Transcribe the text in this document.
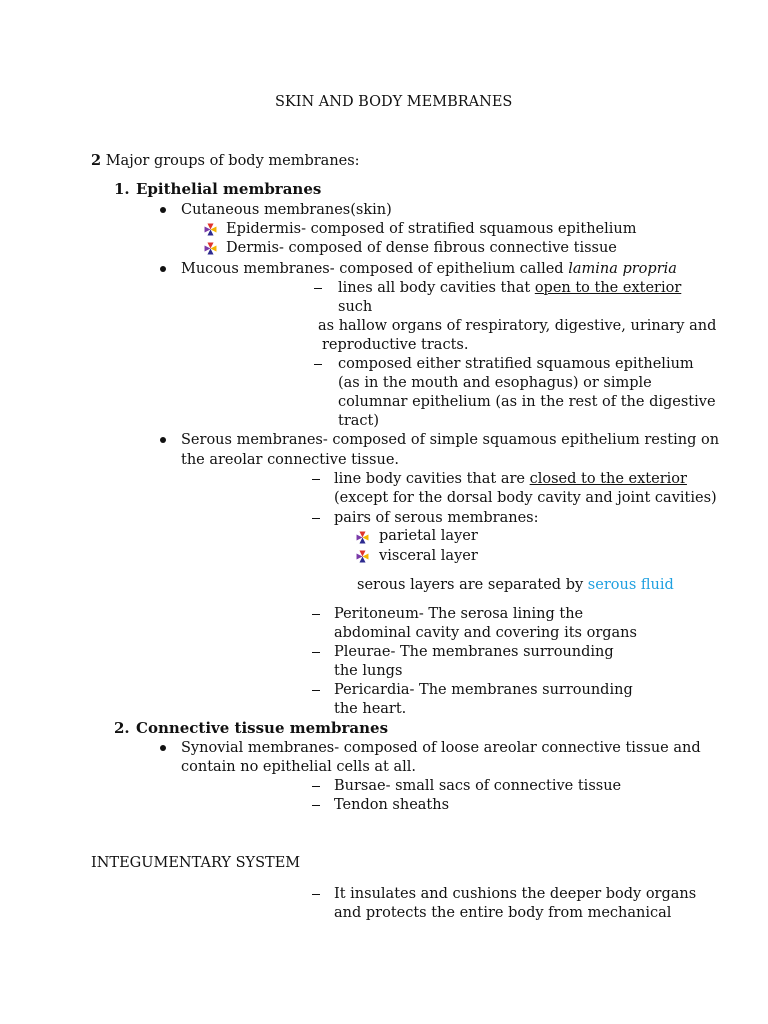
SKIN AND BODY MEMBRANES
2 Major groups of body membranes:
1. Epithelial membranes
Cutaneous membranes(skin)
Epidermis- composed of stratified squamous epithelium
Dermis- composed of dense fibrous connective tissue
Mucous membranes- composed of epithelium called lamina propria
lines all body cavities that open to the exterior
such
as hallow organs of respiratory, digestive, urinary and
reproductive tracts.
composed either stratified squamous epithelium
(as in the mouth and esophagus) or simple
columnar epithelium (as in the rest of the digestive
tract)
Serous membranes- composed of simple squamous epithelium resting on
the areolar connective tissue.
line body cavities that are closed to the exterior
(except for the dorsal body cavity and joint cavities)
pairs of serous membranes:
parietal layer
visceral layer
serous layers are separated by serous fluid
Peritoneum- The serosa lining the
abdominal cavity and covering its organs
Pleurae- The membranes surrounding
the lungs
Pericardia- The membranes surrounding
the heart.
2. Connective tissue membranes
Synovial membranes- composed of loose areolar connective tissue and
contain no epithelial cells at all.
Bursae- small sacs of connective tissue
Tendon sheaths
INTEGUMENTARY SYSTEM
It insulates and cushions the deeper body organs
and protects the entire body from mechanical
